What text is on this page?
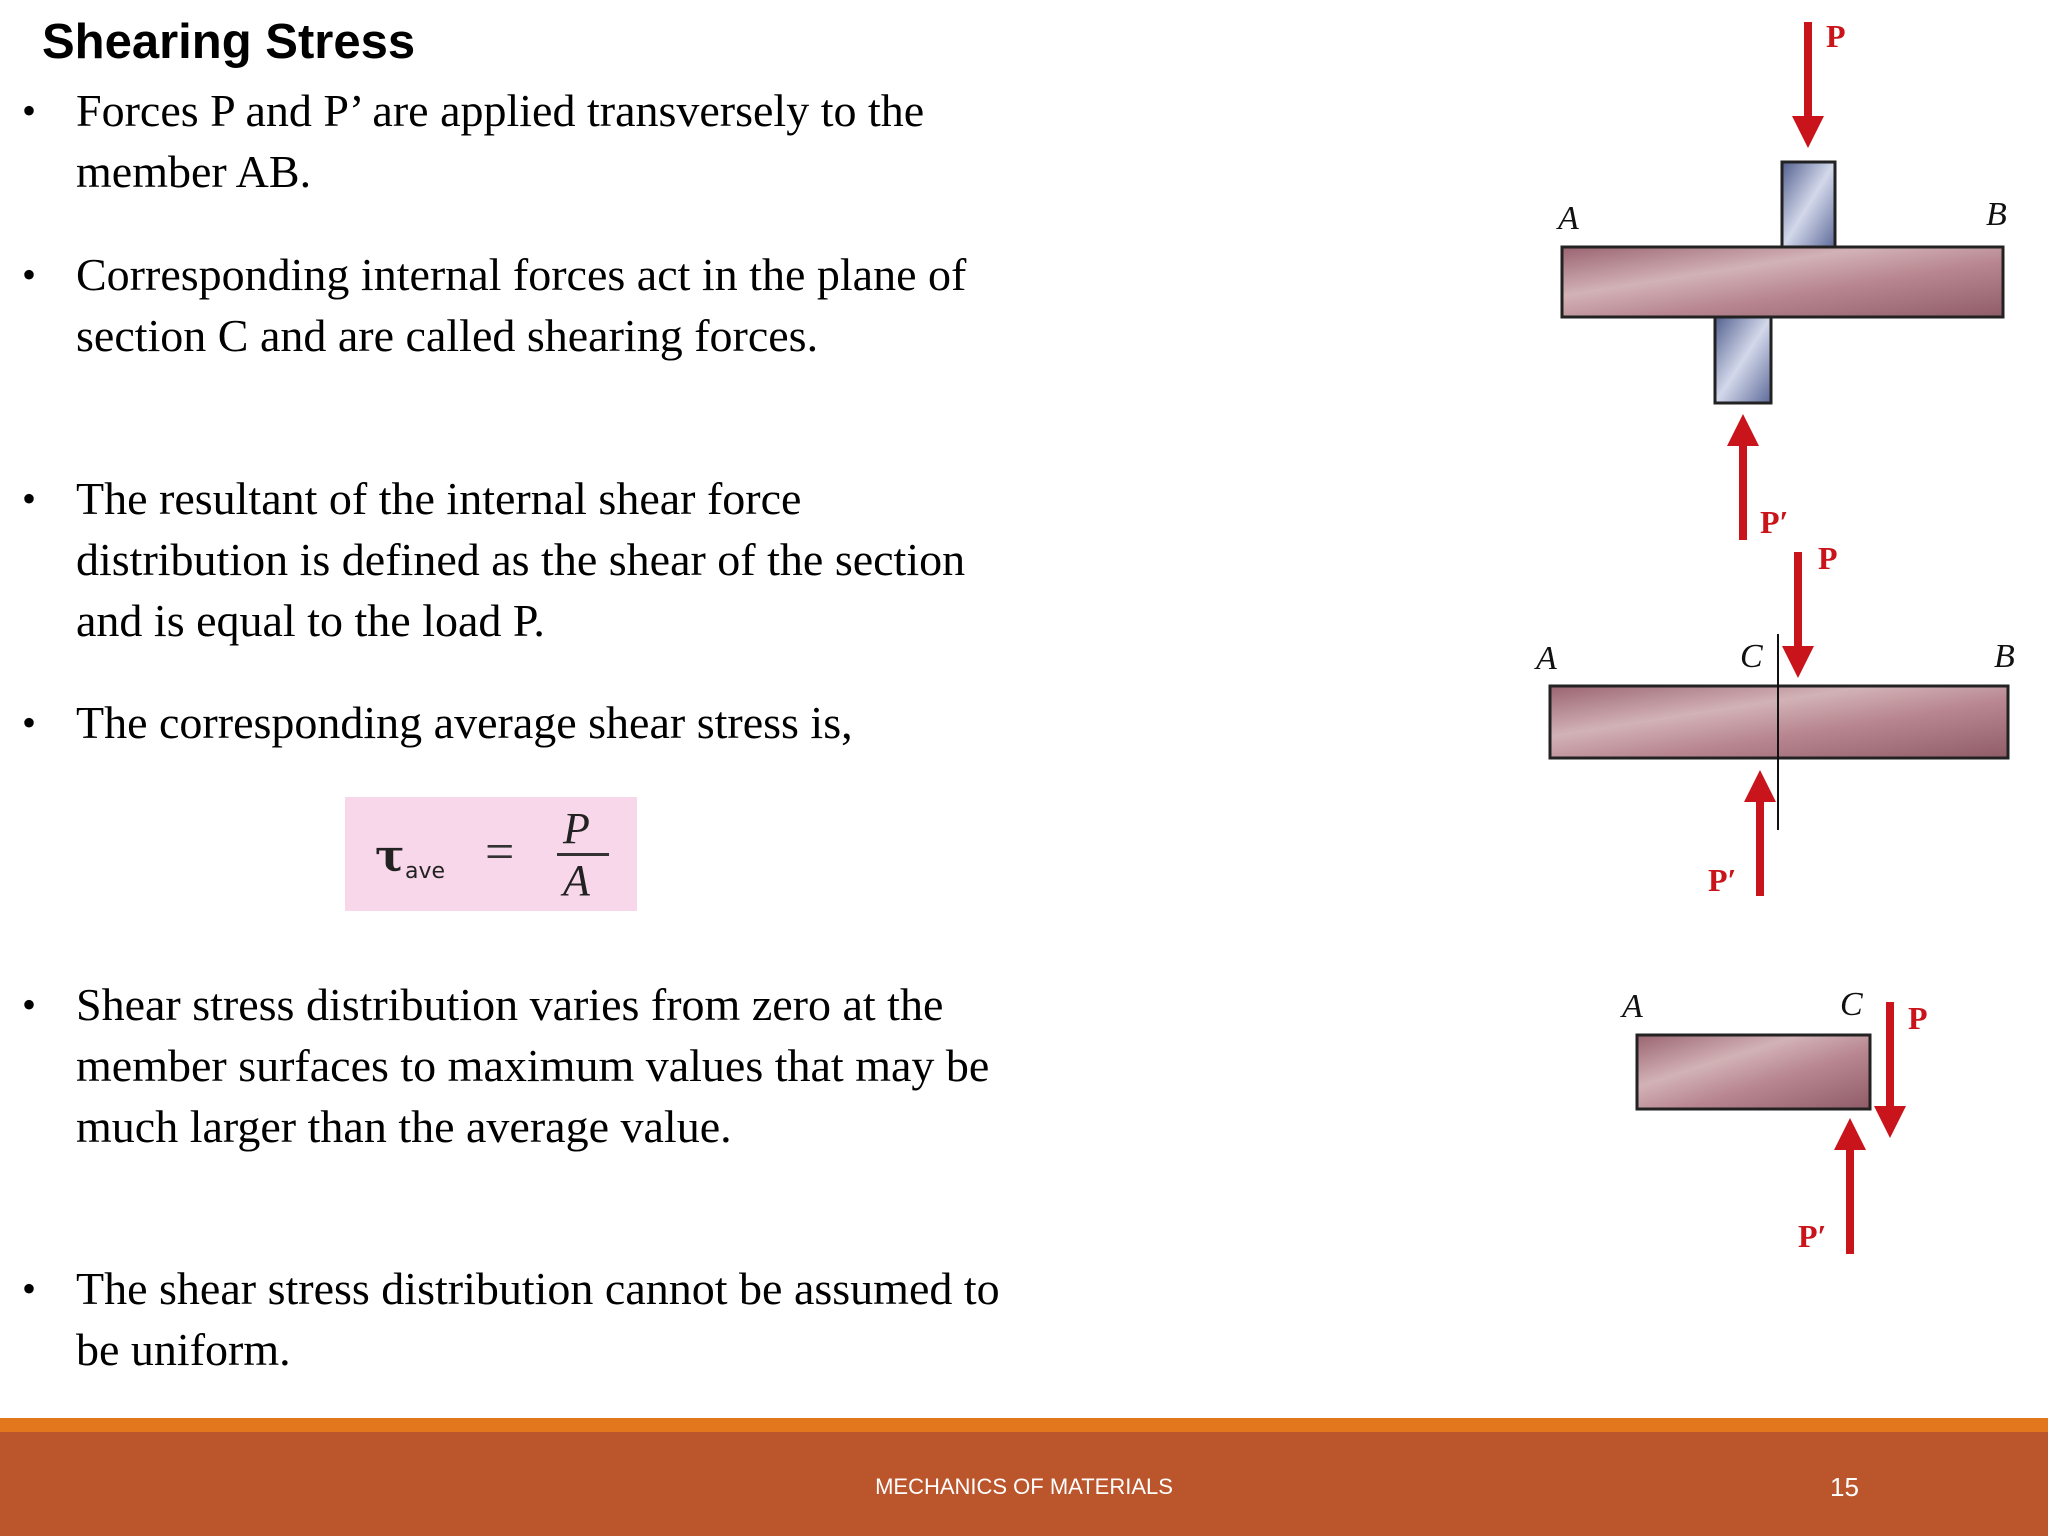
Shearing Stress
• Forces P and P’ are applied transversely to the member AB.
• Corresponding internal forces act in the plane of section C and are called shearing forces.
• The resultant of the internal shear force distribution is defined as the shear of the section and is equal to the load P.
• The corresponding average shear stress is,
• Shear stress distribution varies from zero at the member surfaces to maximum values that may be much larger than the average value.
• The shear stress distribution cannot be assumed to be uniform.
τ ave = P
A
A	B
P
P′
A	C	B
P
P′
A	C P
P′
MECHANICS OF MATERIALS	15
